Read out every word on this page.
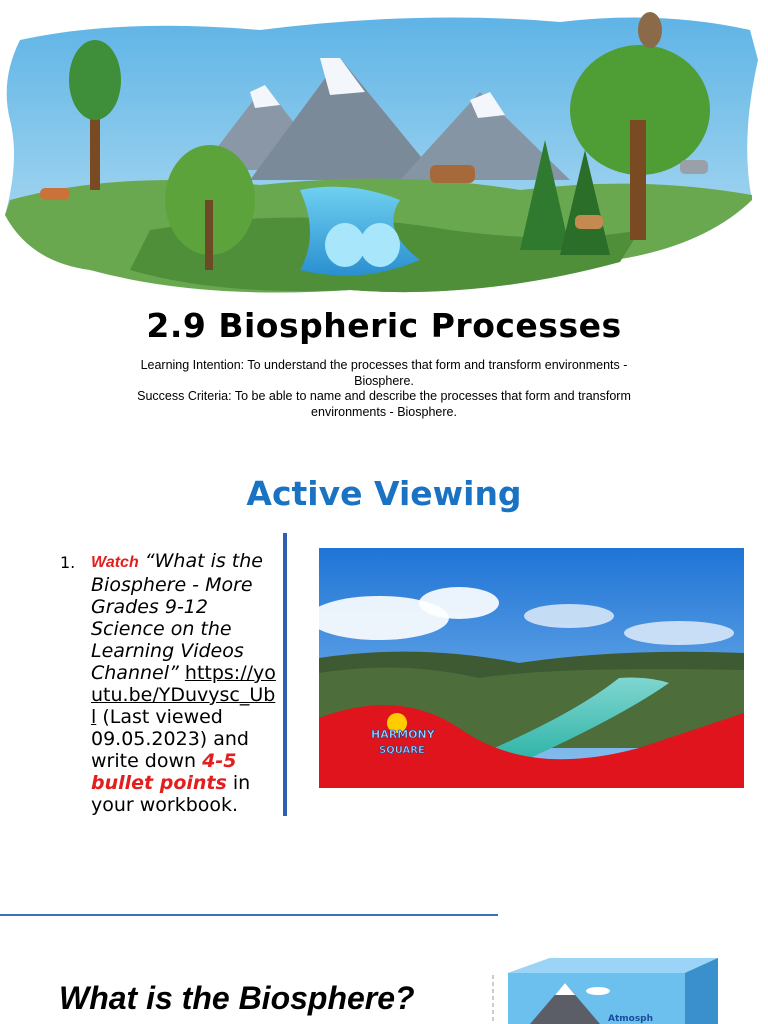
2.9 Biospheric Processes
Learning Intention: To understand the processes that form and transform environments - Biosphere.
Success Criteria: To be able to name and describe the processes that form and transform environments - Biosphere.
Active Viewing
1. Watch “What is the Biosphere - More Grades 9-12 Science on the Learning Videos Channel” https://youtu.be/YDuvysc_Ubl (Last viewed 09.05.2023) and write down 4-5 bullet points in your workbook.
HARMONY
SQUARE
What is the Biosphere?
Atmosph
